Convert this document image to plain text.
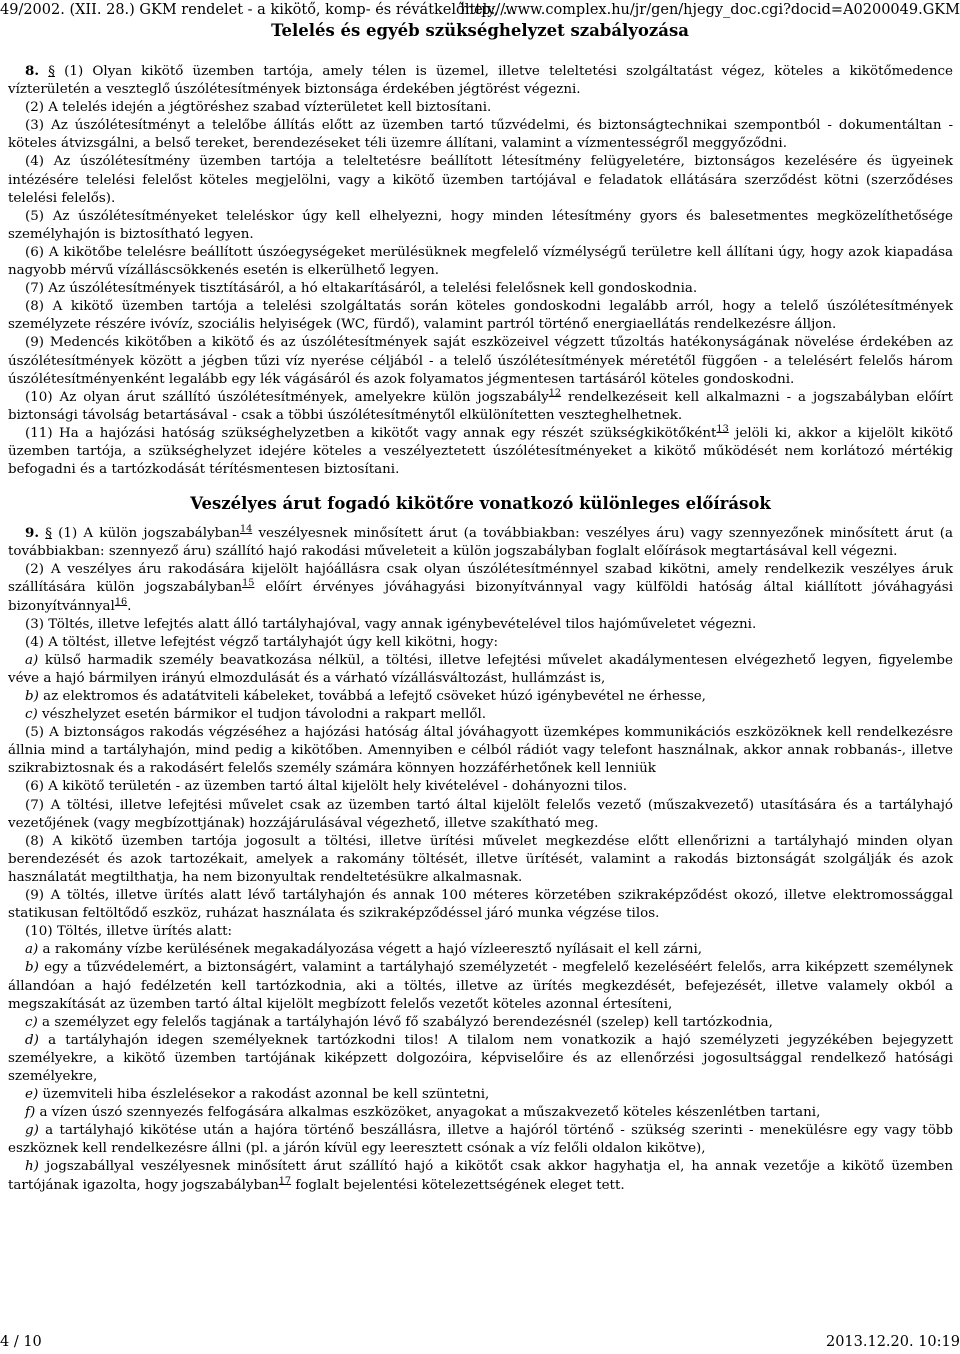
49/2002. (XII. 28.) GKM rendelet - a kikötő, komp- és révátkelőhely, ...
http://www.complex.hu/jr/gen/hjegy_doc.cgi?docid=A0200049.GKM
Telelés és egyéb szükséghelyzet szabályozása

8. § (1) Olyan kikötő üzemben tartója, amely télen is üzemel, illetve teleltetési szolgáltatást végez, köteles a kikötőmedence vízterületén a veszteglő úszólétesítmények biztonsága érdekében jégtörést végezni.

(2) A telelés idején a jégtöréshez szabad vízterületet kell biztosítani.

(3) Az úszólétesítményt a telelőbe állítás előtt az üzemben tartó tűzvédelmi, és biztonságtechnikai szempontból - dokumentáltan - köteles átvizsgálni, a belső tereket, berendezéseket téli üzemre állítani, valamint a vízmentességről meggyőződni.

(4) Az úszólétesítmény üzemben tartója a teleltetésre beállított létesítmény felügyeletére, biztonságos kezelésére és ügyeinek intézésére telelési felelőst köteles megjelölni, vagy a kikötő üzemben tartójával e feladatok ellátására szerződést kötni (szerződéses telelési felelős).

(5) Az úszólétesítményeket teleléskor úgy kell elhelyezni, hogy minden létesítmény gyors és balesetmentes megközelíthetősége személyhajón is biztosítható legyen.

(6) A kikötőbe telelésre beállított úszóegységeket merülésüknek megfelelő vízmélységű területre kell állítani úgy, hogy azok kiapadása nagyobb mérvű vízálláscsökkenés esetén is elkerülhető legyen.

(7) Az úszólétesítmények tisztításáról, a hó eltakarításáról, a telelési felelősnek kell gondoskodnia.

(8) A kikötő üzemben tartója a telelési szolgáltatás során köteles gondoskodni legalább arról, hogy a telelő úszólétesítmények személyzete részére ivóvíz, szociális helyiségek (WC, fürdő), valamint partról történő energiaellátás rendelkezésre álljon.

(9) Medencés kikötőben a kikötő és az úszólétesítmények saját eszközeivel végzett tűzoltás hatékonyságának növelése érdekében az úszólétesítmények között a jégben tűzi víz nyerése céljából - a telelő úszólétesítmények méretétől függően - a telelésért felelős három úszólétesítményenként legalább egy lék vágásáról és azok folyamatos jégmentesen tartásáról köteles gondoskodni.

(10) Az olyan árut szállító úszólétesítmények, amelyekre külön jogszabály$^{12}$ rendelkezéseit kell alkalmazni - a jogszabályban előírt biztonsági távolság betartásával - csak a többi úszólétesítménytől elkülönítetten veszteghelhetnek.

(11) Ha a hajózási hatóság szükséghelyzetben a kikötőt vagy annak egy részét szükségkikötőként$^{13}$ jelöli ki, akkor a kijelölt kikötő üzemben tartója, a szükséghelyzet idejére köteles a veszélyeztetett úszólétesítményeket a kikötő működését nem korlátozó mértékig befogadni és a tartózkodását térítésmentesen biztosítani.

Veszélyes árut fogadó kikötőre vonatkozó különleges előírások

9. § (1) A külön jogszabályban$^{14}$ veszélyesnek minősített árut (a továbbiakban: veszélyes áru) vagy szennyezőnek minősített árut (a továbbiakban: szennyező áru) szállító hajó rakodási műveleteit a külön jogszabályban foglalt előírások megtartásával kell végezni.

(2) A veszélyes áru rakodására kijelölt hajóállásra csak olyan úszólétesítménnyel szabad kikötni, amely rendelkezik veszélyes áruk szállítására külön jogszabályban$^{15}$ előírt érvényes jóváhagyási bizonyítvánnyal vagy külföldi hatóság által kiállított jóváhagyási bizonyítvánnyal$^{16}$.

(3) Töltés, illetve lefejtés alatt álló tartályhajóval, vagy annak igénybevételével tilos hajóműveletet végezni.

(4) A töltést, illetve lefejtést végző tartályhajót úgy kell kikötni, hogy:

a) külső harmadik személy beavatkozása nélkül, a töltési, illetve lefejtési művelet akadálymentesen elvégezhető legyen, figyelembe véve a hajó bármilyen irányú elmozdulását és a várható vízállásváltozást, hullámzást is,

b) az elektromos és adatátviteli kábeleket, továbbá a lefejtő csöveket húzó igénybevétel ne érhesse,

c) vészhelyzet esetén bármikor el tudjon távolodni a rakpart mellől.

(5) A biztonságos rakodás végzéséhez a hajózási hatóság által jóváhagyott üzemképes kommunikációs eszközöknek kell rendelkezésre állnia mind a tartályhajón, mind pedig a kikötőben. Amennyiben e célból rádiót vagy telefont használnak, akkor annak robbanás-, illetve szikrabiztosnak és a rakodásért felelős személy számára könnyen hozzáférhetőnek kell lenniük

(6) A kikötő területén - az üzemben tartó által kijelölt hely kivételével - dohányozni tilos.

(7) A töltési, illetve lefejtési művelet csak az üzemben tartó által kijelölt felelős vezető (műszakvezető) utasítására és a tartályhajó vezetőjének (vagy megbízottjának) hozzájárulásával végezhető, illetve szakítható meg.

(8) A kikötő üzemben tartója jogosult a töltési, illetve ürítési művelet megkezdése előtt ellenőrizni a tartályhajó minden olyan berendezését és azok tartozékait, amelyek a rakomány töltését, illetve ürítését, valamint a rakodás biztonságát szolgálják és azok használatát megtilthatja, ha nem bizonyultak rendeltetésükre alkalmasnak.

(9) A töltés, illetve ürítés alatt lévő tartályhajón és annak 100 méteres körzetében szikraképződést okozó, illetve elektromossággal statikusan feltöltődő eszköz, ruházat használata és szikraképződéssel járó munka végzése tilos.

(10) Töltés, illetve ürítés alatt:

a) a rakomány vízbe kerülésének megakadályozása végett a hajó vízleeresztő nyílásait el kell zárni,

b) egy a tűzvédelemért, a biztonságért, valamint a tartályhajó személyzetét - megfelelő kezeléséért felelős, arra kiképzett személynek állandóan a hajó fedélzetén kell tartózkodnia, aki a töltés, illetve az ürítés megkezdését, befejezését, illetve valamely okból a megszakítását az üzemben tartó által kijelölt megbízott felelős vezetőt köteles azonnal értesíteni,

c) a személyzet egy felelős tagjának a tartályhajón lévő fő szabályzó berendezésnél (szelep) kell tartózkodnia,

d) a tartályhajón idegen személyeknek tartózkodni tilos! A tilalom nem vonatkozik a hajó személyzeti jegyzékében bejegyzett személyekre, a kikötő üzemben tartójának kiképzett dolgozóira, képviselőire és az ellenőrzési jogosultsággal rendelkező hatósági személyekre,

e) üzemviteli hiba észlelésekor a rakodást azonnal be kell szüntetni,

f) a vízen úszó szennyezés felfogására alkalmas eszközöket, anyagokat a műszakvezető köteles készenlétben tartani,

g) a tartályhajó kikötése után a hajóra történő beszállásra, illetve a hajóról történő - szükség szerinti - menekülésre egy vagy több eszköznek kell rendelkezésre állni (pl. a járón kívül egy leeresztett csónak a víz felőli oldalon kikötve),

h) jogszabállyal veszélyesnek minősített árut szállító hajó a kikötőt csak akkor hagyhatja el, ha annak vezetője a kikötő üzemben tartójának igazolta, hogy jogszabályban$^{17}$ foglalt bejelentési kötelezettségének eleget tett.

4 / 10	2013.12.20. 10:19
